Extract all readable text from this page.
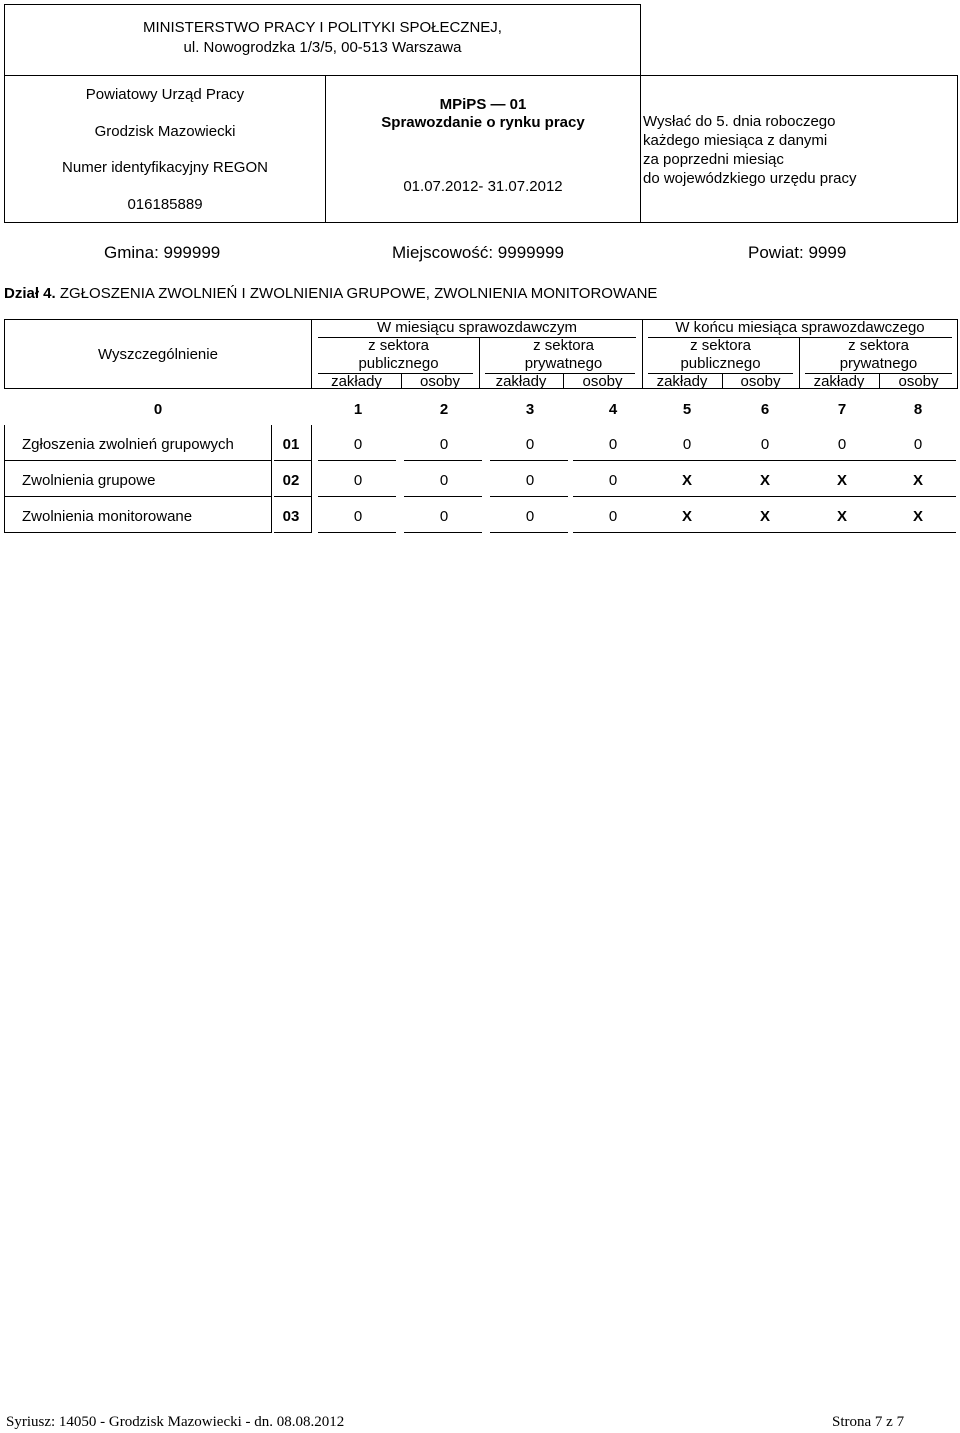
MINISTERSTWO PRACY I POLITYKI SPOŁECZNEJ,
ul. Nowogrodzka 1/3/5, 00-513 Warszawa
Powiatowy Urząd Pracy
Grodzisk Mazowiecki
Numer identyfikacyjny REGON
016185889
MPiPS — 01
Sprawozdanie o rynku pracy
01.07.2012- 31.07.2012
Wysłać do 5. dnia roboczego
każdego miesiąca z danymi
za poprzedni miesiąc
do wojewódzkiego urzędu pracy
Gmina: 999999	Miejscowość: 9999999	Powiat: 9999
Dział 4. ZGŁOSZENIA ZWOLNIEŃ I ZWOLNIENIA GRUPOWE, ZWOLNIENIA MONITOROWANE
Wyszczególnienie
W miesiącu sprawozdawczym	W końcu miesiąca sprawozdawczego
z sektora
publicznego
z sektora
prywatnego
z sektora
publicznego
z sektora
prywatnego
zakłady	osoby	zakłady	osoby	zakłady	osoby	zakłady	osoby
0	1	2	3	4	5	6	7	8
Zgłoszenia zwolnień grupowych	01	0	0	0	0	0	0	0	0
Zwolnienia grupowe	02	0	0	0	0	X	X	X	X
Zwolnienia monitorowane	03	0	0	0	0	X	X	X	X
Syriusz: 14050 - Grodzisk Mazowiecki - dn. 08.08.2012	Strona 7 z 7
